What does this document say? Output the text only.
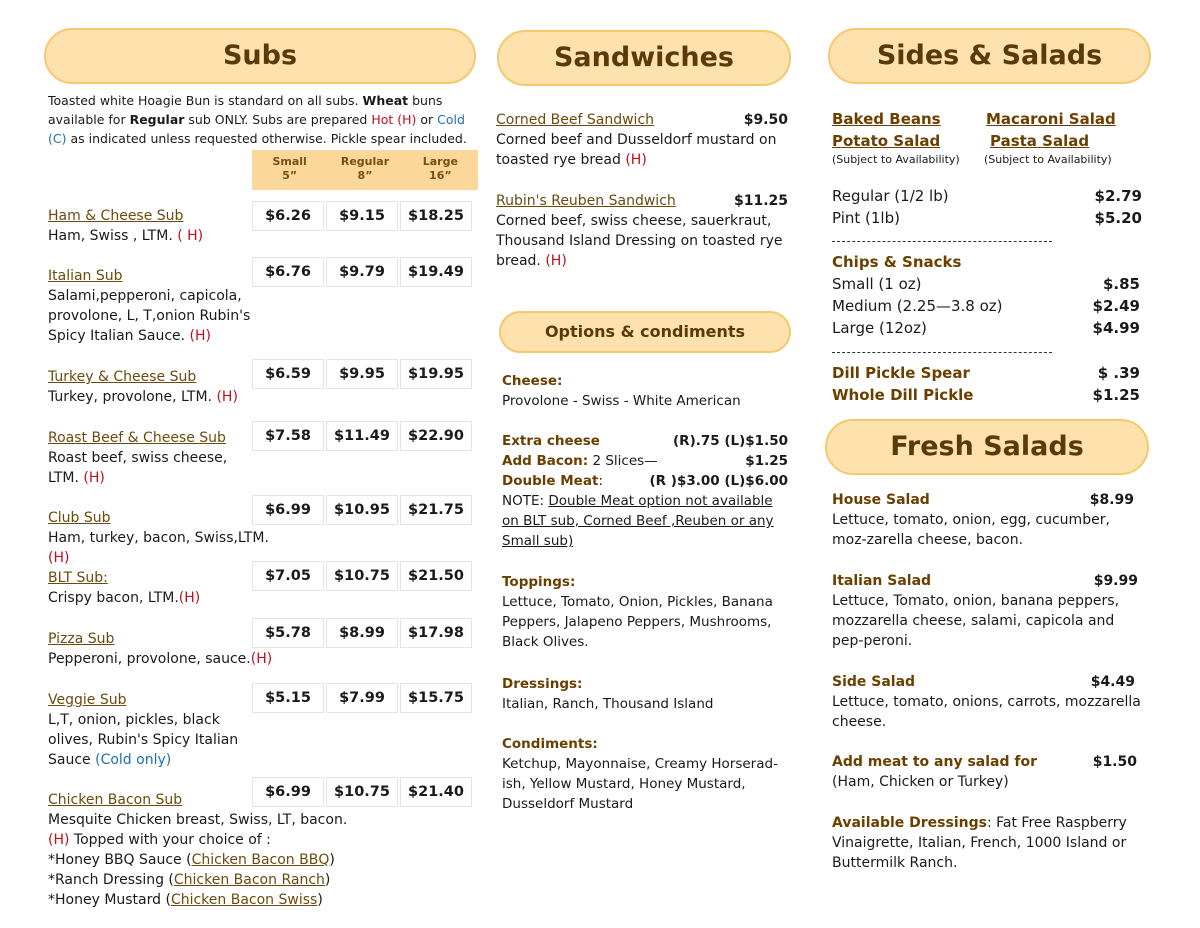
Subs	Sandwiches	Sides & Salads
Options & condiments
Fresh Salads
Toasted white Hoagie Bun is standard on all subs. Wheat buns available for Regular sub ONLY. Subs are prepared Hot (H) or Cold (C) as indicated unless requested otherwise. Pickle spear included.
Small
5”
Regular
8”
Large
16”
Ham & Cheese Sub
Ham, Swiss , LTM. ( H)
$6.26	$9.15	$18.25
Italian Sub
Salami,pepperoni, capicola, provolone, L, T,onion Rubin's Spicy Italian Sauce. (H)
$6.76	$9.79	$19.49
Turkey & Cheese Sub
Turkey, provolone, LTM. (H)
$6.59	$9.95	$19.95
Roast Beef & Cheese Sub
Roast beef, swiss cheese, LTM. (H)
$7.58	$11.49	$22.90
Club Sub
Ham, turkey, bacon, Swiss,LTM.(H)
$6.99	$10.95	$21.75
BLT Sub:
Crispy bacon, LTM.(H)
$7.05	$10.75	$21.50
Pizza Sub
Pepperoni, provolone, sauce.(H)
$5.78	$8.99	$17.98
Veggie Sub
L,T, onion, pickles, black olives, Rubin's Spicy Italian Sauce (Cold only)
$5.15	$7.99	$15.75
Chicken Bacon Sub
Mesquite Chicken breast, Swiss, LT, bacon.(H) Topped with your choice of :
*Honey BBQ Sauce (Chicken Bacon BBQ)
*Ranch Dressing (Chicken Bacon Ranch)
*Honey Mustard (Chicken Bacon Swiss)
$6.99	$10.75	$21.40
Corned Beef Sandwich	$9.50
Corned beef and Dusseldorf mustard on toasted rye bread (H)
Rubin's Reuben Sandwich	$11.25
Corned beef, swiss cheese, sauerkraut, Thousand Island Dressing on toasted rye bread. (H)
Cheese:
Provolone - Swiss - White American
Extra cheese	(R).75 (L)$1.50
Add Bacon: 2 Slices—	$1.25
Double Meat:	(R )$3.00 (L)$6.00
NOTE: Double Meat option not available on BLT sub, Corned Beef ,Reuben or any Small sub)
Toppings:
Lettuce, Tomato, Onion, Pickles, Banana Peppers, Jalapeno Peppers, Mushrooms, Black Olives.
Dressings:
Italian, Ranch, Thousand Island
Condiments:
Ketchup, Mayonnaise, Creamy Horserad-ish, Yellow Mustard, Honey Mustard, Dusseldorf Mustard
Baked Beans	Macaroni Salad
Potato Salad	Pasta Salad
(Subject to Availability) (Subject to Availability)
Regular (1/2 lb)	$2.79
Pint (1lb)	$5.20
Chips & Snacks
Small (1 oz)	$.85
Medium (2.25—3.8 oz)	$2.49
Large (12oz)	$4.99
Dill Pickle Spear	$ .39
Whole Dill Pickle	$1.25
House Salad	$8.99
Lettuce, tomato, onion, egg, cucumber, moz-zarella cheese, bacon.
Italian Salad	$9.99
Lettuce, Tomato, onion, banana peppers, mozzarella cheese, salami, capicola and pep-peroni.
Side Salad	$4.49
Lettuce, tomato, onions, carrots, mozzarella cheese.
Add meat to any salad for	$1.50
(Ham, Chicken or Turkey)
Available Dressings: Fat Free Raspberry Vinaigrette, Italian, French, 1000 Island or Buttermilk Ranch.
